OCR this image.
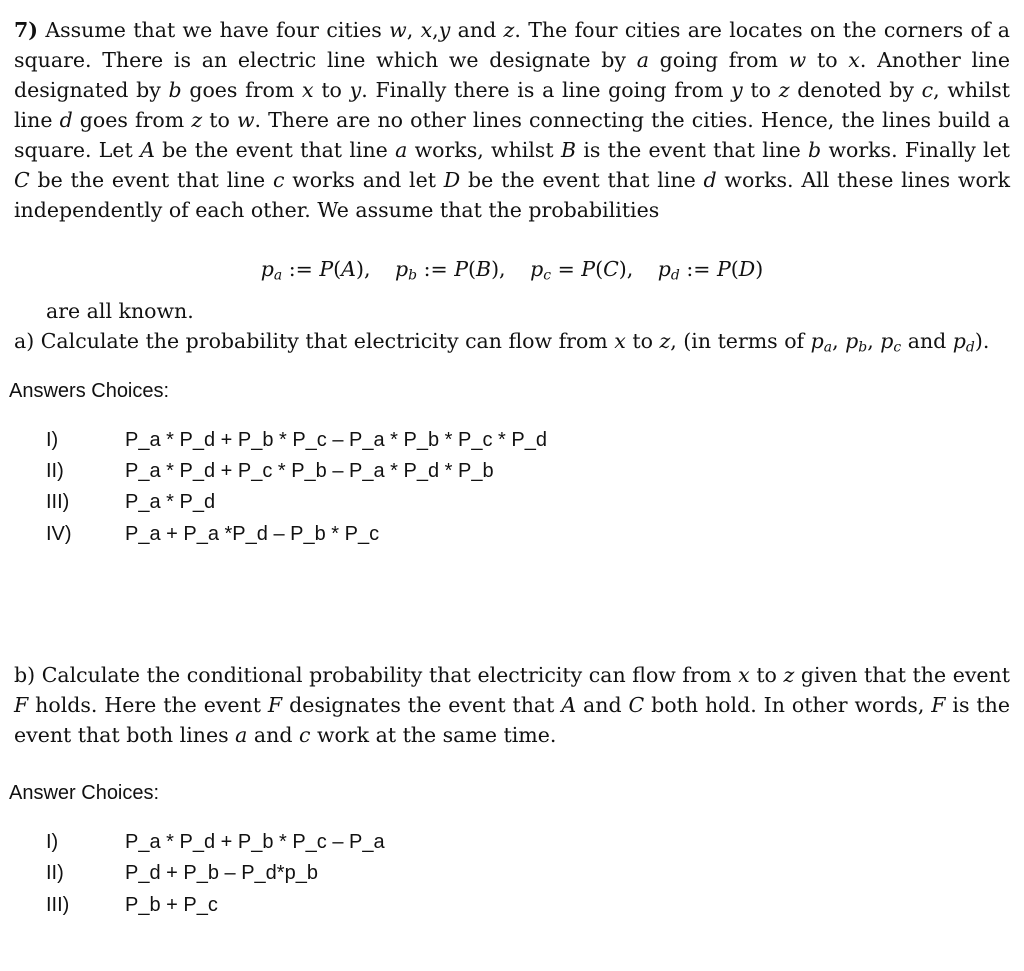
7) Assume that we have four cities w, x,y and z. The four cities are locates on the corners of a square. There is an electric line which we designate by a going from w to x. Another line designated by b goes from x to y. Finally there is a line going from y to z denoted by c, whilst line d goes from z to w. There are no other lines connecting the cities. Hence, the lines build a square. Let A be the event that line a works, whilst B is the event that line b works. Finally let C be the event that line c works and let D be the event that line d works. All these lines work independently of each other. We assume that the probabilities
$p_a$ := P(A), $p_b$ := P(B), $p_c = P(C)$, $p_d$ := P(D)
are all known.
a) Calculate the probability that electricity can flow from x to z, (in terms of $p_a$, $p_b$, $p_c$ and $p_d$).
Answers Choices:
I)	P_a * P_d + P_b * P_c – P_a * P_b * P_c * P_d
II)	P_a * P_d + P_c * P_b – P_a * P_d * P_b
III)	P_a * P_d
IV)	P_a + P_a *P_d – P_b * P_c
b) Calculate the conditional probability that electricity can flow from x to z given that the event F holds. Here the event F designates the event that A and C both hold. In other words, F is the event that both lines a and c work at the same time.
Answer Choices:
I)	P_a * P_d + P_b * P_c – P_a
II)	P_d + P_b – P_d*p_b
III)	P_b + P_c
